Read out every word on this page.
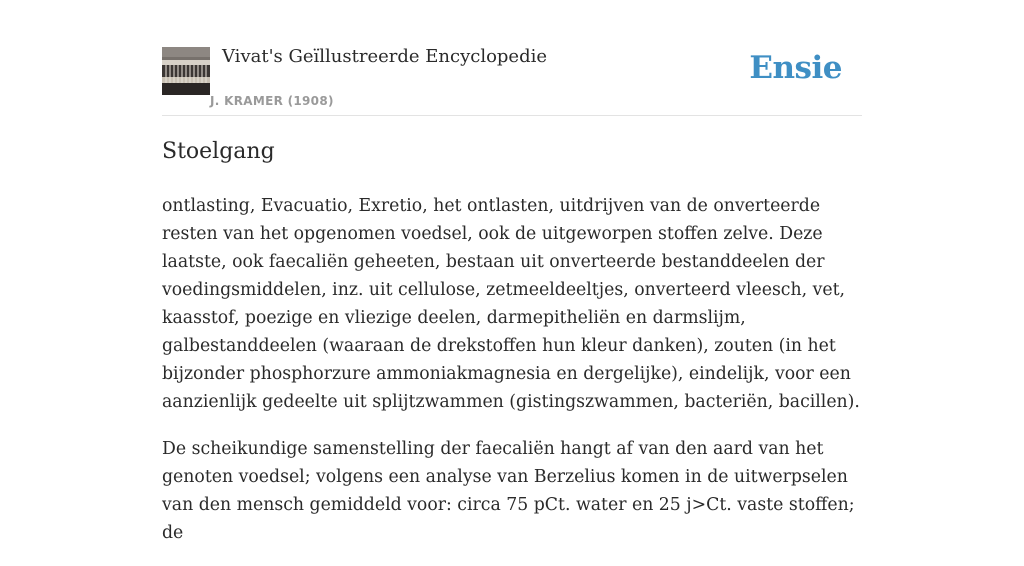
Vivat's Geïllustreerde Encyclopedie
J. KRAMER (1908)
Ensie
Stoelgang

ontlasting, Evacuatio, Exretio, het ontlasten, uitdrijven van de onverteerde resten van het opgenomen voedsel, ook de uitgeworpen stoffen zelve. Deze laatste, ook faecaliën geheeten, bestaan uit onverteerde bestanddeelen der voedingsmiddelen, inz. uit cellulose, zetmeeldeeltjes, onverteerd vleesch, vet, kaasstof, poezige en vliezige deelen, darmepitheliën en darmslijm, galbestanddeelen (waaraan de drekstoffen hun kleur danken), zouten (in het bijzonder phosphorzure ammoniakmagnesia en dergelijke), eindelijk, voor een aanzienlijk gedeelte uit splijtzwammen (gistingszwammen, bacteriën, bacillen).

De scheikundige samenstelling der faecaliën hangt af van den aard van het genoten voedsel; volgens een analyse van Berzelius komen in de uitwerpselen van den mensch gemiddeld voor: circa 75 pCt. water en 25 j>Ct. vaste stoffen; de
